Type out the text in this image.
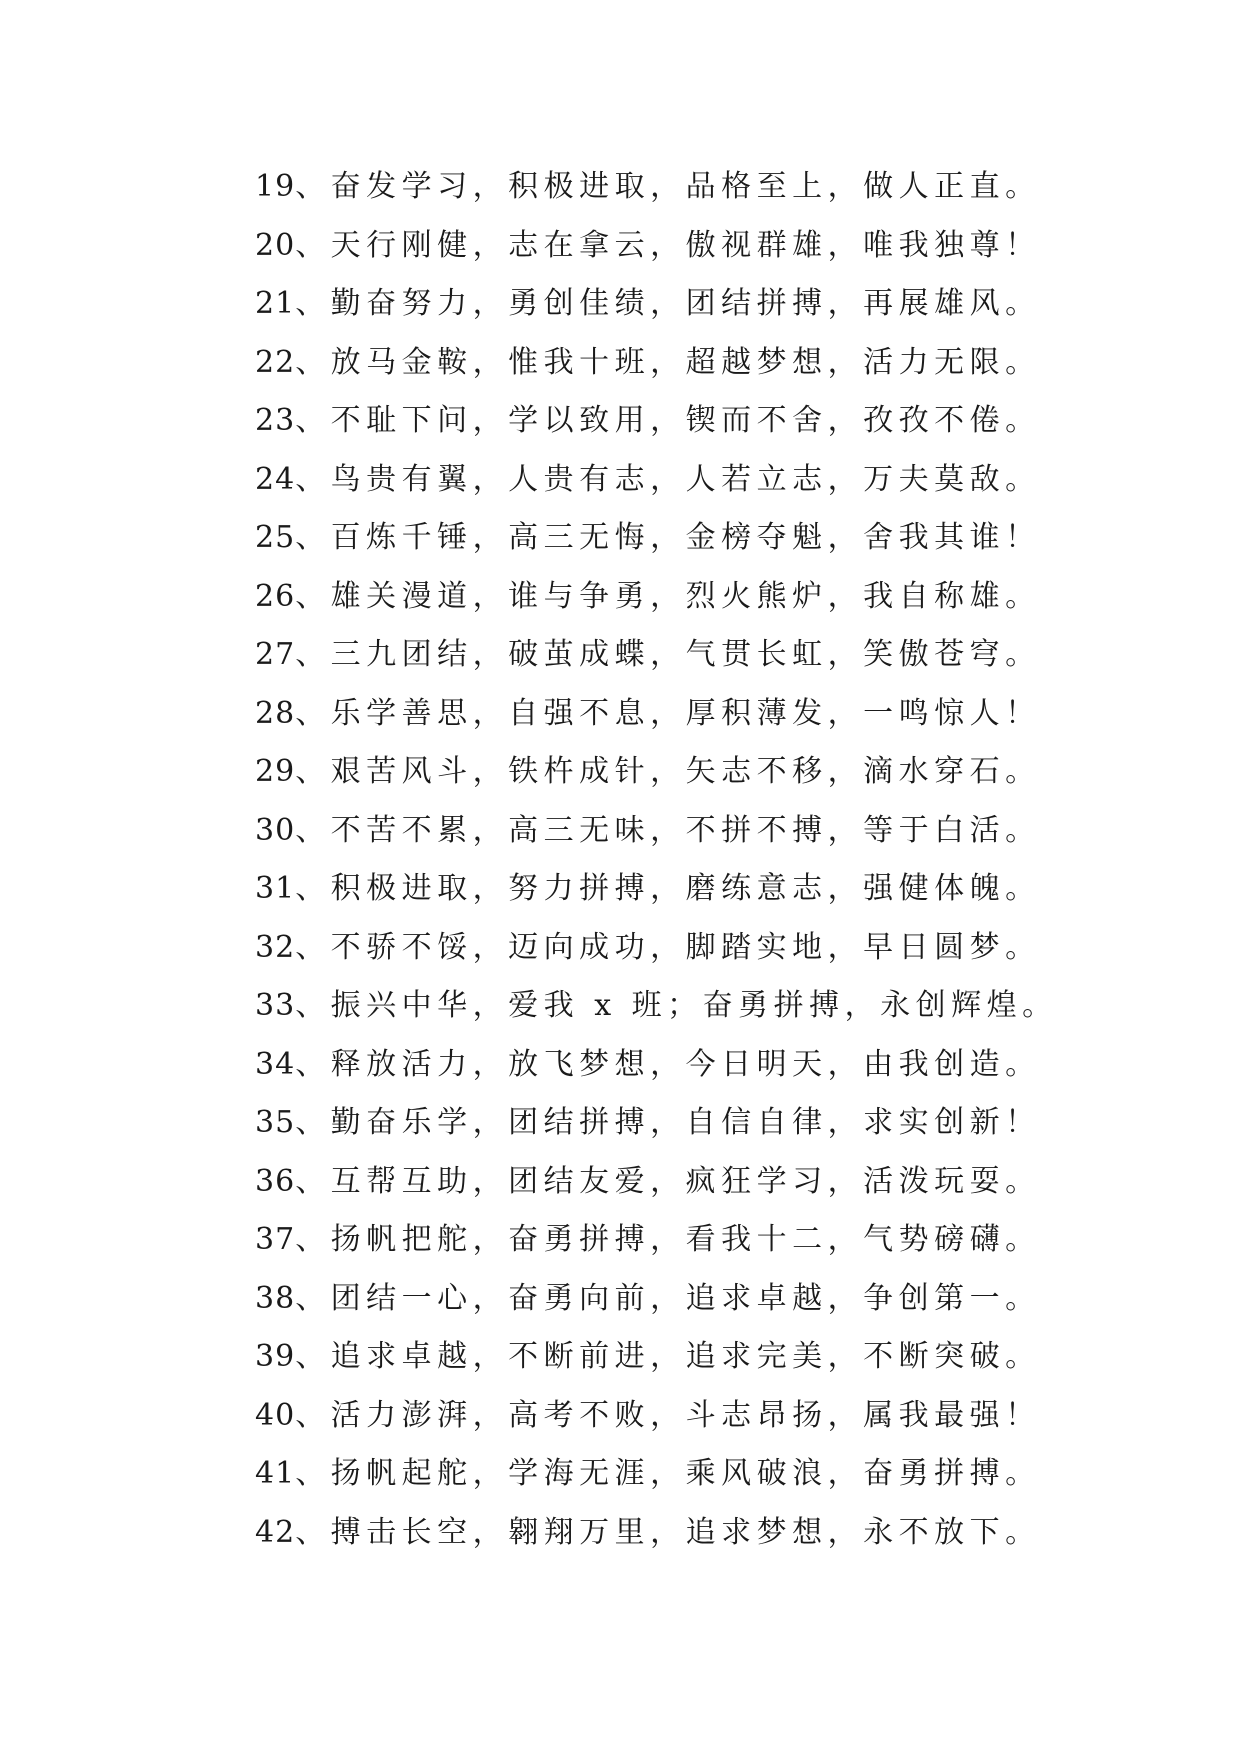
19、奋发学习，积极进取，品格至上，做人正直。
20、天行刚健，志在拿云，傲视群雄，唯我独尊！
21、勤奋努力，勇创佳绩，团结拼搏，再展雄风。
22、放马金鞍，惟我十班，超越梦想，活力无限。
23、不耻下问，学以致用，锲而不舍，孜孜不倦。
24、鸟贵有翼，人贵有志，人若立志，万夫莫敌。
25、百炼千锤，高三无悔，金榜夺魁，舍我其谁！
26、雄关漫道，谁与争勇，烈火熊炉，我自称雄。
27、三九团结，破茧成蝶，气贯长虹，笑傲苍穹。
28、乐学善思，自强不息，厚积薄发，一鸣惊人！
29、艰苦风斗，铁杵成针，矢志不移，滴水穿石。
30、不苦不累，高三无味，不拼不搏，等于白活。
31、积极进取，努力拼搏，磨练意志，强健体魄。
32、不骄不馁，迈向成功，脚踏实地，早日圆梦。
33、振兴中华，爱我 x 班；奋勇拼搏，永创辉煌。
34、释放活力，放飞梦想，今日明天，由我创造。
35、勤奋乐学，团结拼搏，自信自律，求实创新！
36、互帮互助，团结友爱，疯狂学习，活泼玩耍。
37、扬帆把舵，奋勇拼搏，看我十二，气势磅礴。
38、团结一心，奋勇向前，追求卓越，争创第一。
39、追求卓越，不断前进，追求完美，不断突破。
40、活力澎湃，高考不败，斗志昂扬，属我最强！
41、扬帆起舵，学海无涯，乘风破浪，奋勇拼搏。
42、搏击长空，翱翔万里，追求梦想，永不放下。
